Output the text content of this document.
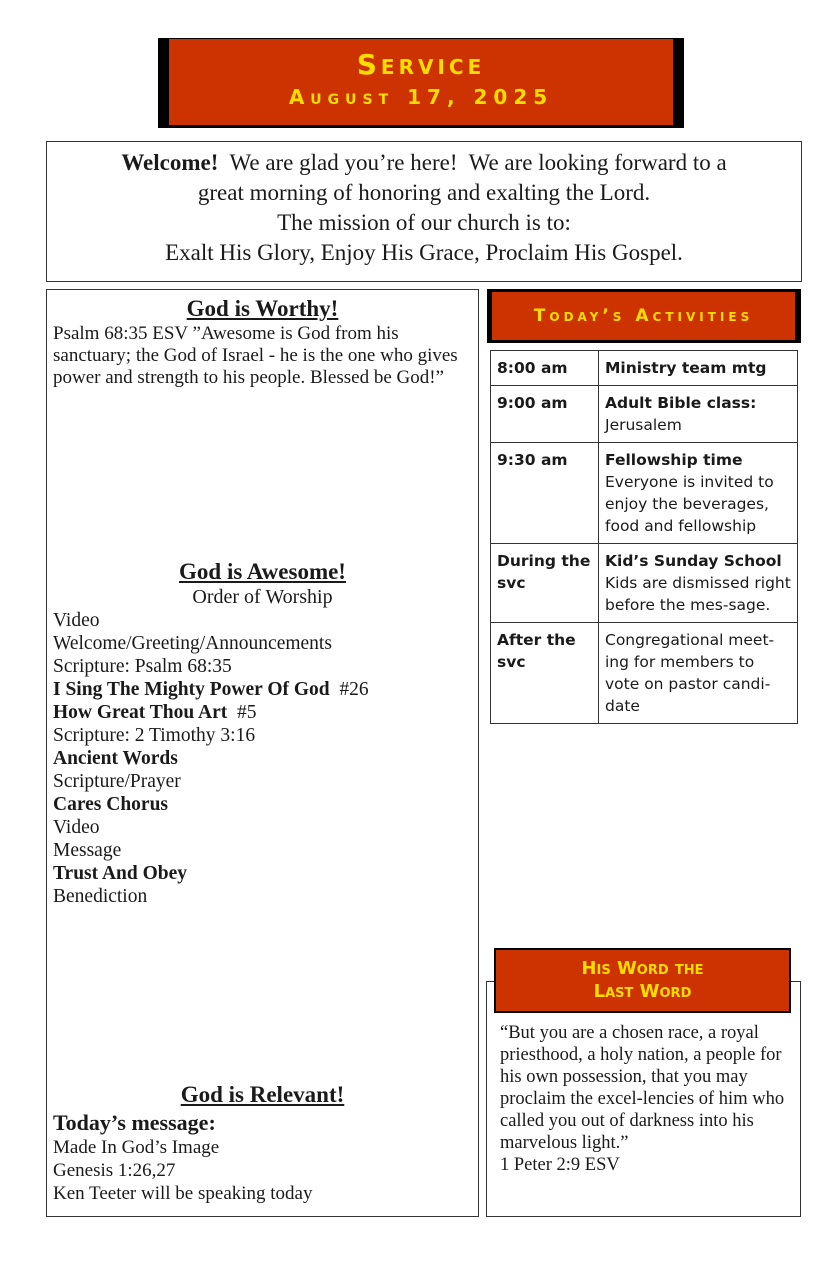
Service
August 17, 2025
Welcome!  We are glad you’re here!  We are looking forward to a
great morning of honoring and exalting the Lord.
The mission of our church is to:
Exalt His Glory, Enjoy His Grace, Proclaim His Gospel.
God is Worthy!
Psalm 68:35 ESV ”Awesome is God from his sanctuary; the God of Israel - he is the one who gives power and strength to his people. Blessed be God!”
God is Awesome!
Order of Worship
Video
Welcome/Greeting/Announcements
Scripture: Psalm 68:35
I Sing The Mighty Power Of God  #26
How Great Thou Art  #5
Scripture: 2 Timothy 3:16
Ancient Words
Scripture/Prayer
Cares Chorus
Video
Message
Trust And Obey
Benediction
God is Relevant!
Today’s message:
Made In God’s Image
Genesis 1:26,27
Ken Teeter will be speaking today
Today’s Activities
8:00 am	Ministry team mtg

9:00 am	Adult Bible class:
Jerusalem

9:30 am	Fellowship time
Everyone is invited to enjoy the beverages, food and fellowship

During the svc	Kid’s Sunday School
Kids are dismissed right before the mes-sage.

After the svc	Congregational meet-ing for members to vote on pastor candi-date
His Word the
Last Word
“But you are a chosen race, a royal priesthood, a holy nation, a people for his own possession, that you may proclaim the excel-lencies of him who called you out of darkness into his marvelous light.”
1 Peter 2:9 ESV
